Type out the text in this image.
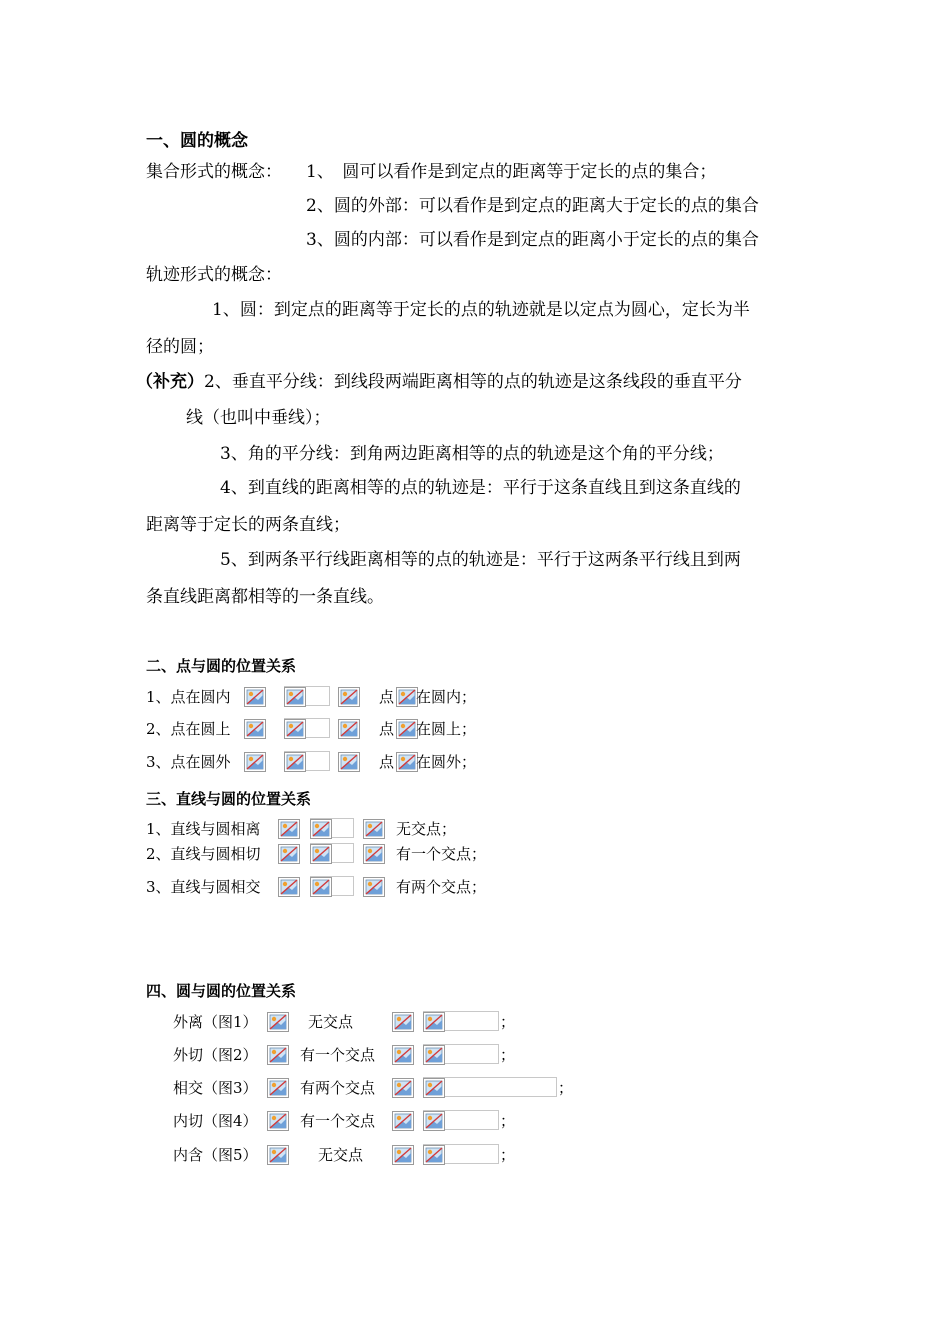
一、圆的概念
集合形式的概念： 1、　圆可以看作是到定点的距离等于定长的点的集合；
2、圆的外部：可以看作是到定点的距离大于定长的点的集合
3、圆的内部：可以看作是到定点的距离小于定长的点的集合
轨迹形式的概念：
1、圆：到定点的距离等于定长的点的轨迹就是以定点为圆心，定长为半
径的圆；
（补充）2、垂直平分线：到线段两端距离相等的点的轨迹是这条线段的垂直平分
线（也叫中垂线）；
3、角的平分线：到角两边距离相等的点的轨迹是这个角的平分线；
4、到直线的距离相等的点的轨迹是：平行于这条直线且到这条直线的
距离等于定长的两条直线；
5、到两条平行线距离相等的点的轨迹是：平行于这两条平行线且到两
条直线距离都相等的一条直线。
二、点与圆的位置关系
1、点在圆内	点 在圆内；
2、点在圆上	点 在圆上；
3、点在圆外	点 在圆外；
三、直线与圆的位置关系
1、直线与圆相离	无交点；
2、直线与圆相切	有一个交点；
3、直线与圆相交	有两个交点；
四、圆与圆的位置关系
外离（图1）	无交点	；
外切（图2）	有一个交点	；
相交（图3）	有两个交点	；
内切（图4）	有一个交点	；
内含（图5）	无交点	；
